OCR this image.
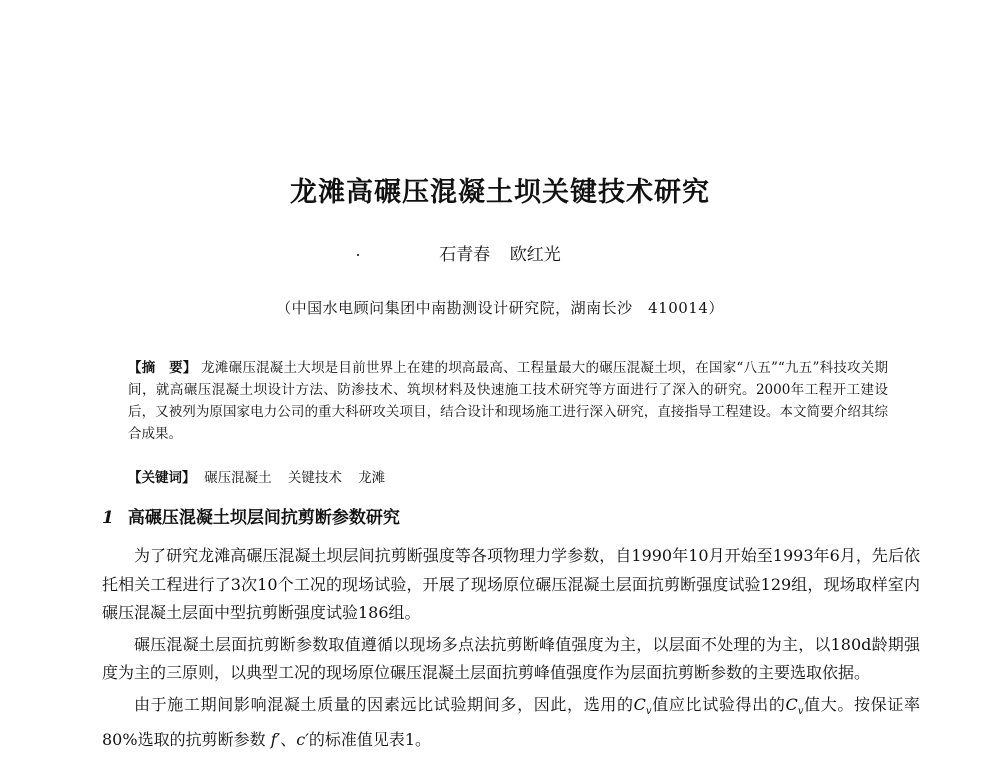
龙滩高碾压混凝土坝关键技术研究
石青春 欧红光
（中国水电顾问集团中南勘测设计研究院，湖南长沙　410014）

【摘　要】 龙滩碾压混凝土大坝是目前世界上在建的坝高最高、工程量最大的碾压混凝土坝，在国家“八五”“九五”科技攻关期间，就高碾压混凝土坝设计方法、防渗技术、筑坝材料及快速施工技术研究等方面进行了深入的研究。2000年工程开工建设后，又被列为原国家电力公司的重大科研攻关项目，结合设计和现场施工进行深入研究，直接指导工程建设。本文简要介绍其综合成果。

【关键词】 碾压混凝土 关键技术 龙滩
1 高碾压混凝土坝层间抗剪断参数研究

为了研究龙滩高碾压混凝土坝层间抗剪断强度等各项物理力学参数，自1990年10月开始至1993年6月，先后依托相关工程进行了3次10个工况的现场试验，开展了现场原位碾压混凝土层面抗剪断强度试验129组，现场取样室内碾压混凝土层面中型抗剪断强度试验186组。

碾压混凝土层面抗剪断参数取值遵循以现场多点法抗剪断峰值强度为主，以层面不处理的为主，以180d龄期强度为主的三原则，以典型工况的现场原位碾压混凝土层面抗剪峰值强度作为层面抗剪断参数的主要选取依据。

由于施工期间影响混凝土质量的因素远比试验期间多，因此，选用的$C_v$值应比试验得出的$C_v$值大。按保证率80%选取的抗剪断参数 f′、c′的标准值见表1。
